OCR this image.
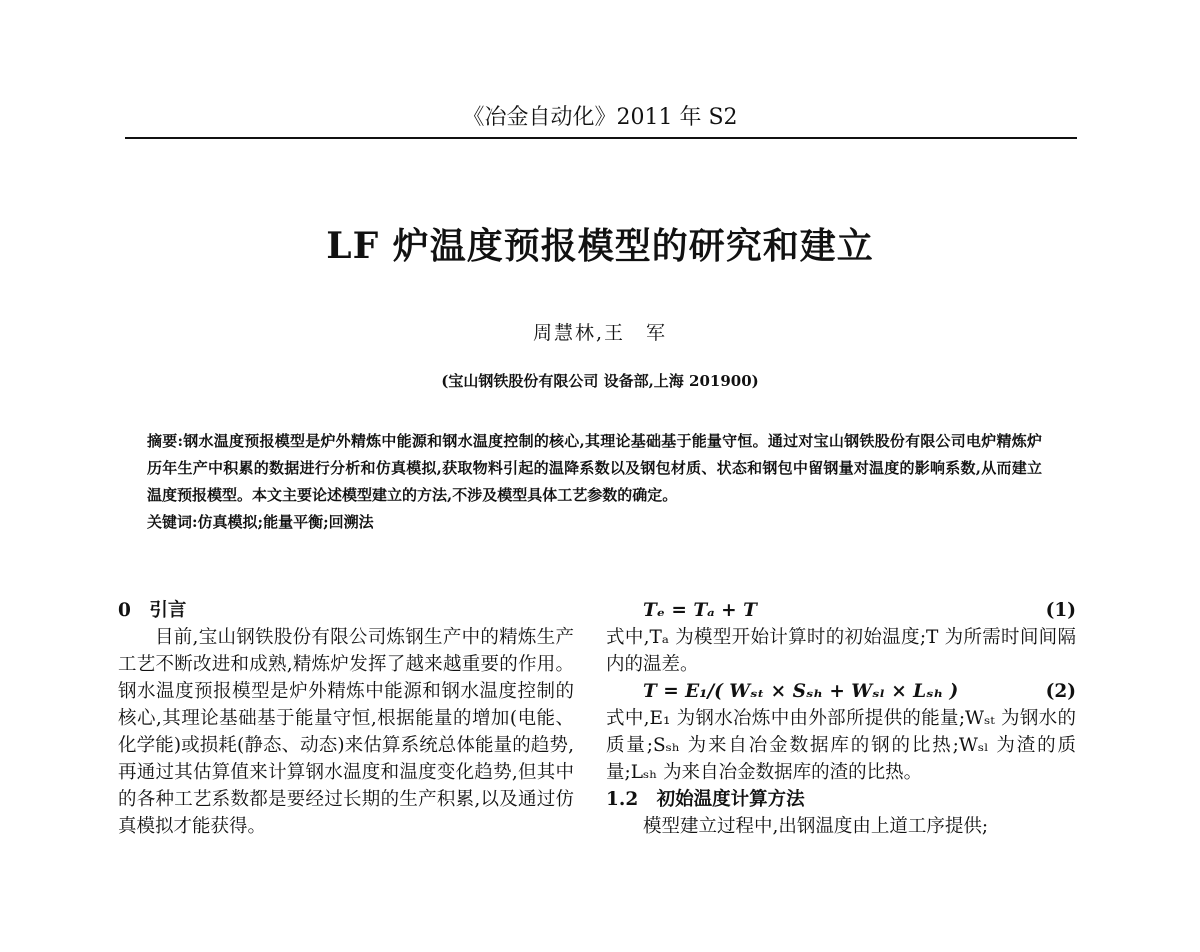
《冶金自动化》2011 年 S2
LF 炉温度预报模型的研究和建立
周慧林,王　军
(宝山钢铁股份有限公司 设备部,上海 201900)
摘要:钢水温度预报模型是炉外精炼中能源和钢水温度控制的核心,其理论基础基于能量守恒。通过对宝山钢铁股份有限公司电炉精炼炉历年生产中积累的数据进行分析和仿真模拟,获取物料引起的温降系数以及钢包材质、状态和钢包中留钢量对温度的影响系数,从而建立温度预报模型。本文主要论述模型建立的方法,不涉及模型具体工艺参数的确定。
关键词:仿真模拟;能量平衡;回溯法
0　引言

目前,宝山钢铁股份有限公司炼钢生产中的精炼生产工艺不断改进和成熟,精炼炉发挥了越来越重要的作用。钢水温度预报模型是炉外精炼中能源和钢水温度控制的核心,其理论基础基于能量守恒,根据能量的增加(电能、化学能)或损耗(静态、动态)来估算系统总体能量的趋势,再通过其估算值来计算钢水温度和温度变化趋势,但其中的各种工艺系数都是要经过长期的生产积累,以及通过仿真模拟才能获得。

Tₑ = Tₐ + T	(1)

式中,Tₐ 为模型开始计算时的初始温度;T 为所需时间间隔内的温差。

T = E₁/( Wₛₜ × Sₛₕ + Wₛₗ × Lₛₕ )	(2)

式中,E₁ 为钢水冶炼中由外部所提供的能量;Wₛₜ 为钢水的质量;Sₛₕ 为来自冶金数据库的钢的比热;Wₛₗ 为渣的质量;Lₛₕ 为来自冶金数据库的渣的比热。

1.2　初始温度计算方法

模型建立过程中,出钢温度由上道工序提供;
